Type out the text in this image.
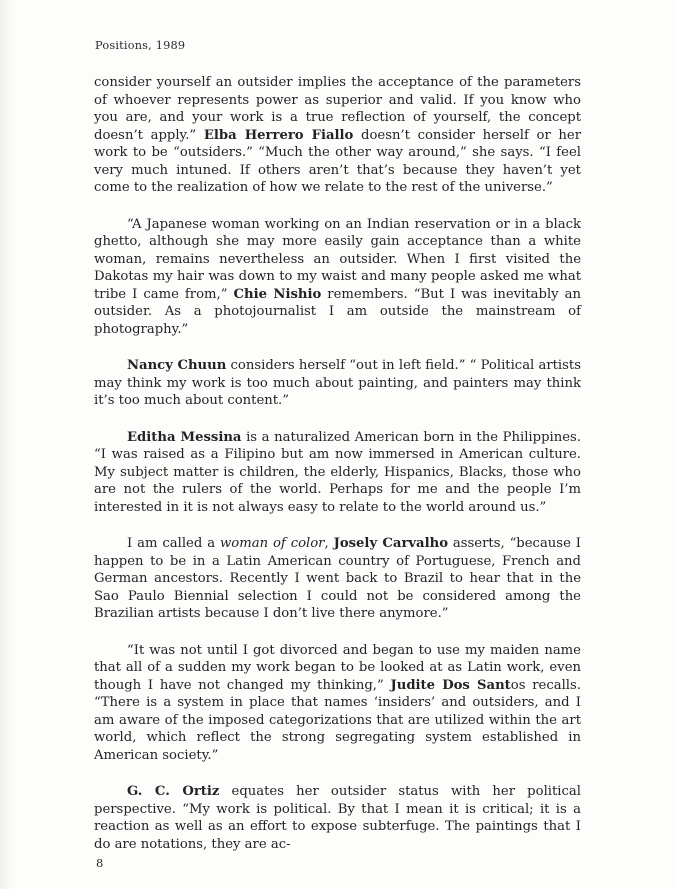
Positions, 1989

consider yourself an outsider implies the acceptance of the parameters of whoever represents power as superior and valid. If you know who you are, and your work is a true reflection of yourself, the concept doesn’t apply.” Elba Herrero Fiallo doesn’t consider herself or her work to be “outsiders.” “Much the other way around,” she says. “I feel very much intuned. If others aren’t that’s because they haven’t yet come to the realization of how we relate to the rest of the universe.”

“A Japanese woman working on an Indian reservation or in a black ghetto, although she may more easily gain acceptance than a white woman, remains nevertheless an outsider. When I first visited the Dakotas my hair was down to my waist and many people asked me what tribe I came from,” Chie Nishio remembers. “But I was inevitably an outsider. As a photojournalist I am outside the mainstream of photography.”

Nancy Chuun considers herself “out in left field.” “ Political artists may think my work is too much about painting, and painters may think it’s too much about content.”

Editha Messina is a naturalized American born in the Philippines. “I was raised as a Filipino but am now immersed in American culture. My subject matter is children, the elderly, Hispanics, Blacks, those who are not the rulers of the world. Perhaps for me and the people I’m interested in it is not always easy to relate to the world around us.”

I am called a woman of color, Josely Carvalho asserts, “because I happen to be in a Latin American country of Portuguese, French and German ancestors. Recently I went back to Brazil to hear that in the Sao Paulo Biennial selection I could not be considered among the Brazilian artists because I don’t live there anymore.”

“It was not until I got divorced and began to use my maiden name that all of a sudden my work began to be looked at as Latin work, even though I have not changed my thinking,” Judite Dos Santos recalls. “There is a system in place that names ‘insiders’ and outsiders, and I am aware of the imposed categorizations that are utilized within the art world, which reflect the strong segregating system established in American society.”

G. C. Ortiz equates her outsider status with her political perspective. “My work is political. By that I mean it is critical; it is a reaction as well as an effort to expose subterfuge. The paintings that I do are notations, they are ac-

8
